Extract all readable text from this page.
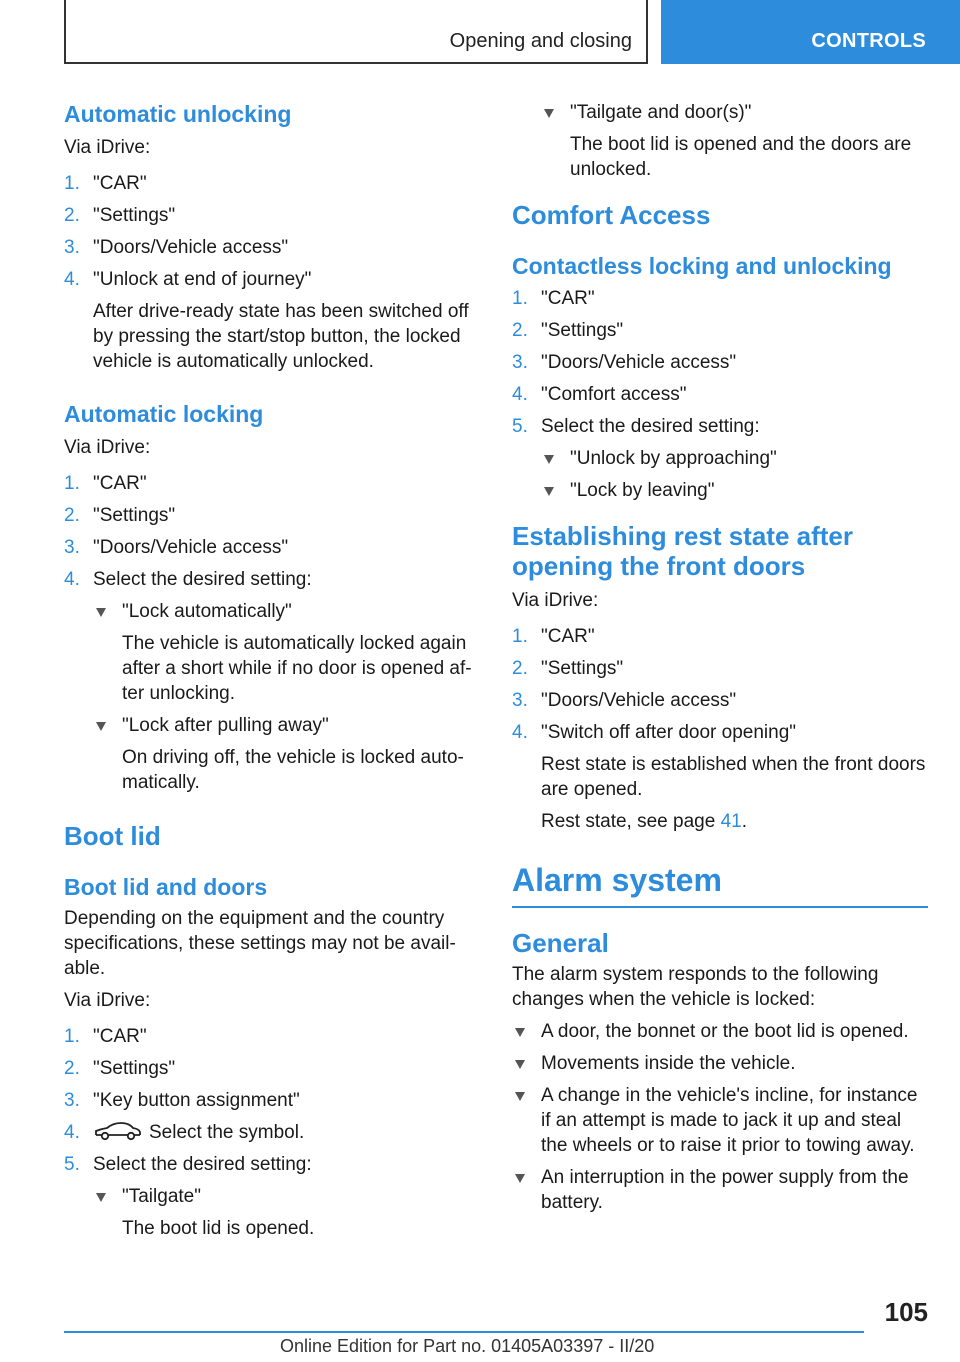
Opening and closing	CONTROLS
Automatic unlocking

Via iDrive:

1. "CAR"
2. "Settings"
3. "Doors/Vehicle access"
4. "Unlock at end of journey"

After drive-ready state has been switched off by pressing the start/stop button, the locked vehicle is automatically unlocked.

Automatic locking

Via iDrive:

1. "CAR"
2. "Settings"
3. "Doors/Vehicle access"
4. Select the desired setting:
"Lock automatically"

The vehicle is automatically locked again after a short while if no door is opened af-ter unlocking.

"Lock after pulling away"

On driving off, the vehicle is locked auto-matically.

Boot lid
Boot lid and doors

Depending on the equipment and the country specifications, these settings may not be avail-able.

Via iDrive:

1. "CAR"
2. "Settings"
3. "Key button assignment"
4.	Select the symbol.
5. Select the desired setting:
"Tailgate"

The boot lid is opened.

"Tailgate and door(s)"

The boot lid is opened and the doors are unlocked.

Comfort Access
Contactless locking and unlocking
1. "CAR"
2. "Settings"
3. "Doors/Vehicle access"
4. "Comfort access"
5. Select the desired setting:
"Unlock by approaching"
"Lock by leaving"
Establishing rest state after opening the front doors

Via iDrive:

1. "CAR"
2. "Settings"
3. "Doors/Vehicle access"
4. "Switch off after door opening"

Rest state is established when the front doors are opened.

Rest state, see page 41.

Alarm system
General

The alarm system responds to the following changes when the vehicle is locked:

A door, the bonnet or the boot lid is opened.
Movements inside the vehicle.
A change in the vehicle's incline, for instance if an attempt is made to jack it up and steal the wheels or to raise it prior to towing away.
An interruption in the power supply from the battery.
105
Online Edition for Part no. 01405A03397 - II/20
